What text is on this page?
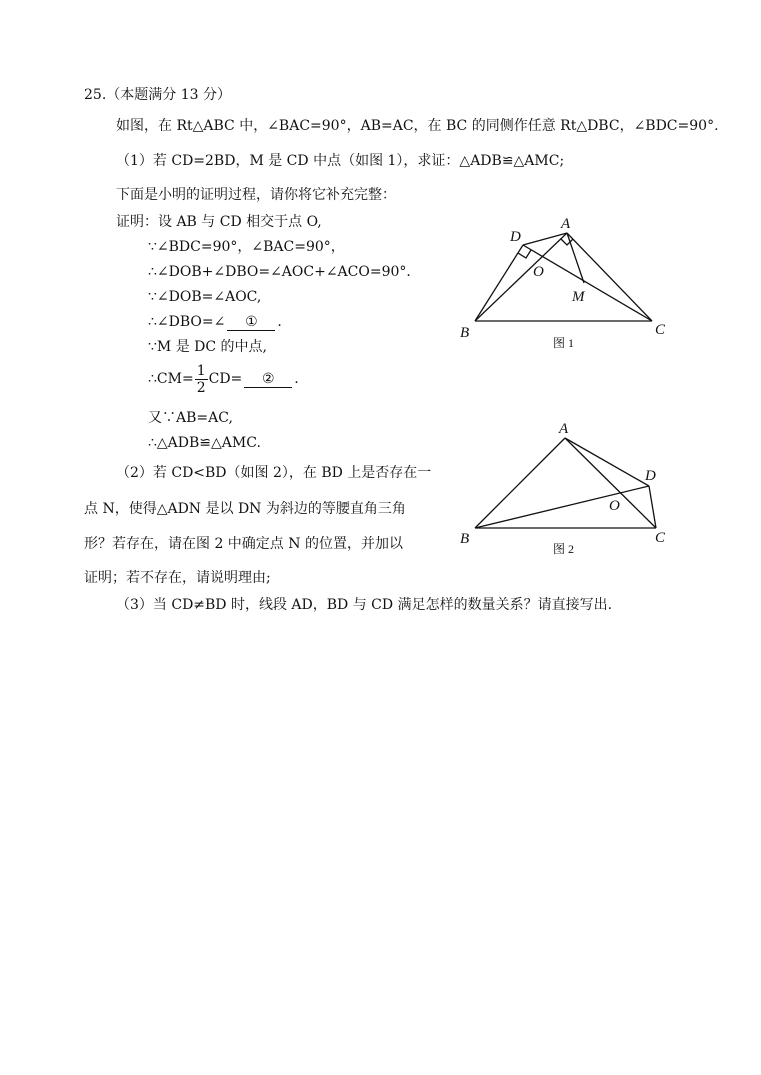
25.（本题满分 13 分）
如图，在 Rt△ABC 中，∠BAC=90°，AB=AC，在 BC 的同侧作任意 Rt△DBC，∠BDC=90°.
（1）若 CD=2BD，M 是 CD 中点（如图 1），求证：△ADB≌△AMC;
下面是小明的证明过程，请你将它补充完整：
证明：设 AB 与 CD 相交于点 O,
∵∠BDC=90°，∠BAC=90°，
∴∠DOB+∠DBO=∠AOC+∠ACO=90°．
∵∠DOB=∠AOC,
∴∠DBO=∠ ① .
∵M 是 DC 的中点,
∴CM= $\frac{1}{2} CD=$ ② .
又∵AB=AC,
∴△ADB≌△AMC.
（2）若 CD<BD（如图 2），在 BD 上是否存在一
点 N，使得△ADN 是以 DN 为斜边的等腰直角三角
形？若存在，请在图 2 中确定点 N 的位置，并加以
证明；若不存在，请说明理由;
（3）当 CD≠BD 时，线段 AD，BD 与 CD 满足怎样的数量关系？请直接写出.
A
D
O
M
B	C
图 1
A
D
O
B	C
图 2
